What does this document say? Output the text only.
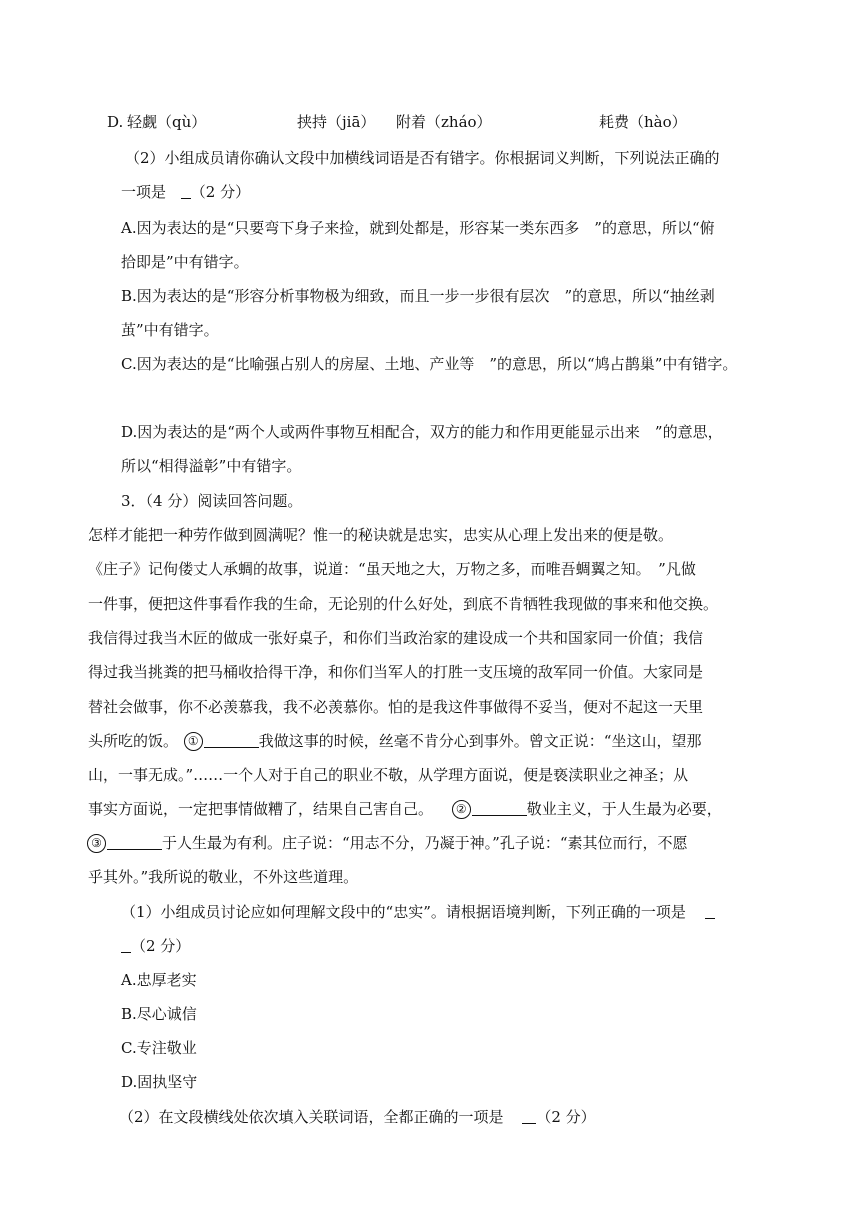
D. 轻觑（qù）	挟持（jiā） 附着（zháo）	耗费（hào）
（2）小组成员请你确认文段中加横线词语是否有错字。你根据词义判断，下列说法正确的
一项是 （2 分）
A.因为表达的是“只要弯下身子来捡，就到处都是，形容某一类东西多　”的意思，所以“俯
拾即是”中有错字。
B.因为表达的是“形容分析事物极为细致，而且一步一步很有层次　”的意思，所以“抽丝剥
茧”中有错字。
C.因为表达的是“比喻强占别人的房屋、土地、产业等　”的意思，所以“鸠占鹊巢”中有错字。
D.因为表达的是“两个人或两件事物互相配合，双方的能力和作用更能显示出来　”的意思，
所以“相得溢彰”中有错字。
3．（4 分）阅读回答问题。
怎样才能把一种劳作做到圆满呢？惟一的秘诀就是忠实，忠实从心理上发出来的便是敬。
《庄子》记佝偻丈人承蜩的故事，说道：“虽天地之大，万物之多，而唯吾蜩翼之知。　”凡做
一件事，便把这件事看作我的生命，无论别的什么好处，到底不肯牺牲我现做的事来和他交换。
我信得过我当木匠的做成一张好桌子，和你们当政治家的建设成一个共和国家同一价值；我信
得过我当挑粪的把马桶收拾得干净，和你们当军人的打胜一支压境的敌军同一价值。大家同是
替社会做事，你不必羡慕我，我不必羡慕你。怕的是我这件事做得不妥当，便对不起这一天里
头所吃的饭。 ①	我做这事的时候，丝毫不肯分心到事外。曾文正说：“坐这山，望那
山，一事无成。”……一个人对于自己的职业不敬，从学理方面说，便是亵渎职业之神圣；从
事实方面说，一定把事情做糟了，结果自己害自己。 ②	敬业主义，于人生最为必要，
③	于人生最为有利。庄子说：“用志不分，乃凝于神。”孔子说：“素其位而行，不愿
乎其外。”我所说的敬业，不外这些道理。
（1）小组成员讨论应如何理解文段中的“忠实”。请根据语境判断，下列正确的一项是
（2 分）
A.忠厚老实
B.尽心诚信
C.专注敬业
D.固执坚守
（2）在文段横线处依次填入关联词语，全都正确的一项是 （2 分）
